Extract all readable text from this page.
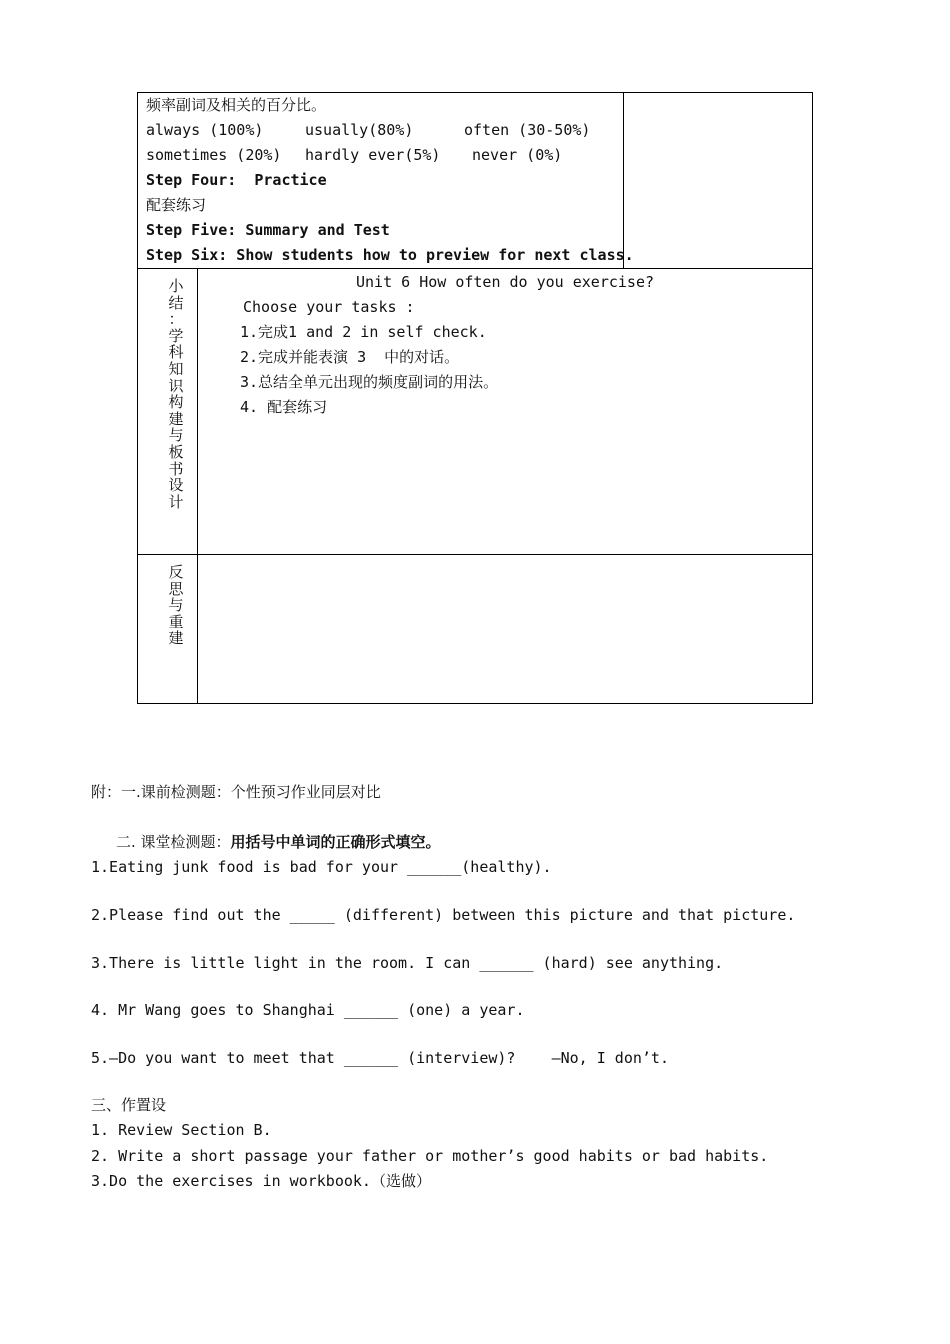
频率副词及相关的百分比。
always (100%)	usually(80%)	often (30-50%)
sometimes (20%) hardly ever(5%) never (0%)
Step Four:  Practice
配套练习
Step Five: Summary and Test
Step Six: Show students how to preview for next class.
小
结
：
学
科
知
识
构
建
与
板
书
设
计
Unit 6 How often do you exercise?
Choose your tasks :
1.完成1 and 2 in self check.
2.完成并能表演 3  中的对话。
3.总结全单元出现的频度副词的用法。
4. 配套练习
反
思
与
重
建
附：一.课前检测题：个性预习作业同层对比
二. 课堂检测题：用括号中单词的正确形式填空。
1.Eating junk food is bad for your ______(healthy).
2.Please find out the _____ (different) between this picture and that picture.
3.There is little light in the room. I can ______ (hard) see anything.
4. Mr Wang goes to Shanghai ______ (one) a year.
5.—Do you want to meet that ______ (interview)?    —No, I don’t.
三、作置设
1. Review Section B.
2. Write a short passage your father or mother’s good habits or bad habits.
3.Do the exercises in workbook.（选做）
